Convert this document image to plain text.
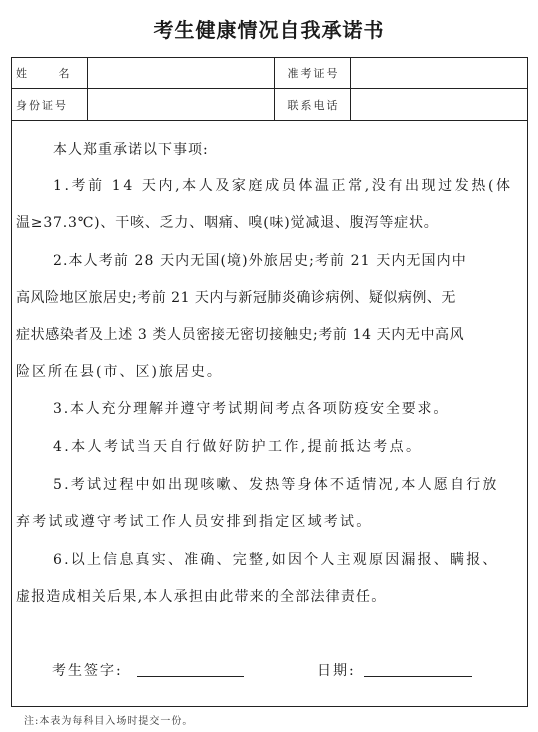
考生健康情况自我承诺书
姓 名		准考证号	
身份证号		联系电话	
本人郑重承诺以下事项:
1.考前 14 天内,本人及家庭成员体温正常,没有出现过发热(体
温≥37.3℃)、干咳、乏力、咽痛、嗅(味)觉减退、腹泻等症状。
2.本人考前 28 天内无国(境)外旅居史;考前 21 天内无国内中
高风险地区旅居史;考前 21 天内与新冠肺炎确诊病例、疑似病例、无
症状感染者及上述 3 类人员密接无密切接触史;考前 14 天内无中高风
险区所在县(市、区)旅居史。
3.本人充分理解并遵守考试期间考点各项防疫安全要求。
4.本人考试当天自行做好防护工作,提前抵达考点。
5.考试过程中如出现咳嗽、发热等身体不适情况,本人愿自行放
弃考试或遵守考试工作人员安排到指定区域考试。
6.以上信息真实、准确、完整,如因个人主观原因漏报、瞒报、
虚报造成相关后果,本人承担由此带来的全部法律责任。
考生签字:	日期:
注:本表为每科目入场时提交一份。
